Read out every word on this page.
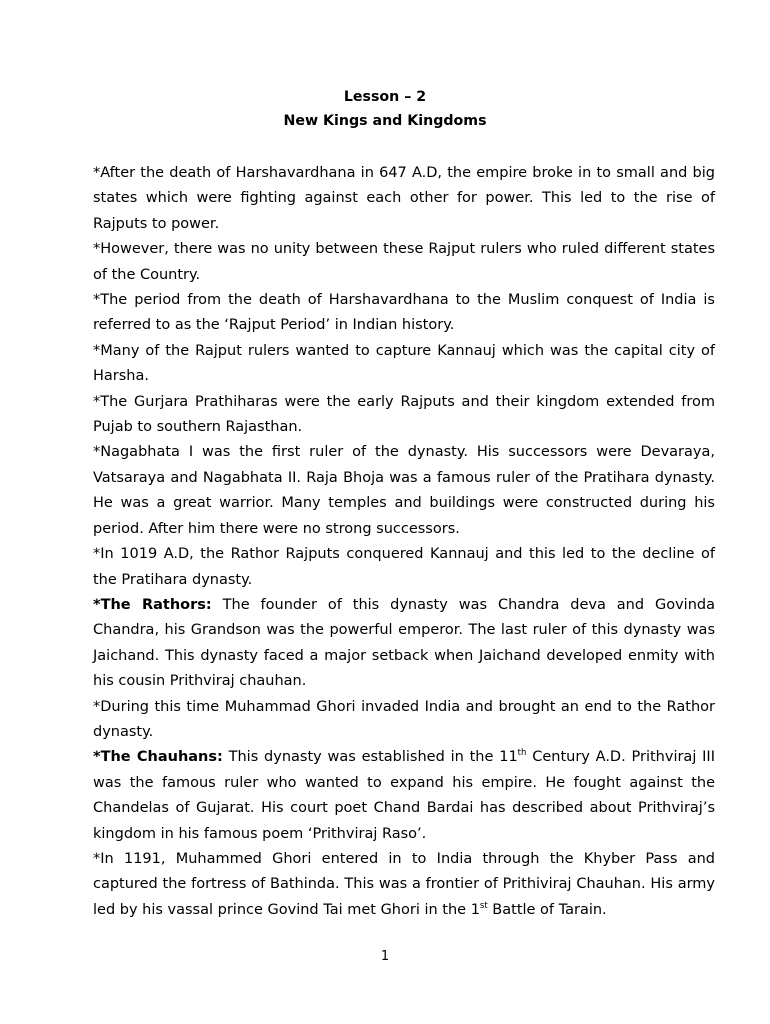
Lesson – 2
New Kings and Kingdoms

*After the death of Harshavardhana in 647 A.D, the empire broke in to small and big states which were fighting against each other for power. This led to the rise of Rajputs to power.

*However, there was no unity between these Rajput rulers who ruled different states of the Country.

*The period from the death of Harshavardhana to the Muslim conquest of India is referred to as the ‘Rajput Period’ in Indian history.

*Many of the Rajput rulers wanted to capture Kannauj which was the capital city of Harsha.

*The Gurjara Prathiharas were the early Rajputs and their kingdom extended from Pujab to southern Rajasthan.

*Nagabhata I was the first ruler of the dynasty. His successors were Devaraya, Vatsaraya and Nagabhata II. Raja Bhoja was a famous ruler of the Pratihara dynasty. He was a great warrior. Many temples and buildings were constructed during his period. After him there were no strong successors.

*In 1019 A.D, the Rathor Rajputs conquered Kannauj and this led to the decline of the Pratihara dynasty.

*The Rathors: The founder of this dynasty was Chandra deva and Govinda Chandra, his Grandson was the powerful emperor. The last ruler of this dynasty was Jaichand. This dynasty faced a major setback when Jaichand developed enmity with his cousin Prithviraj chauhan.

*During this time Muhammad Ghori invaded India and brought an end to the Rathor dynasty.

*The Chauhans: This dynasty was established in the 11th Century A.D. Prithviraj III was the famous ruler who wanted to expand his empire. He fought against the Chandelas of Gujarat. His court poet Chand Bardai has described about Prithviraj’s kingdom in his famous poem ‘Prithviraj Raso’.

*In 1191, Muhammed Ghori entered in to India through the Khyber Pass and captured the fortress of Bathinda. This was a frontier of Prithiviraj Chauhan. His army led by his vassal prince Govind Tai met Ghori in the 1st Battle of Tarain.

1
